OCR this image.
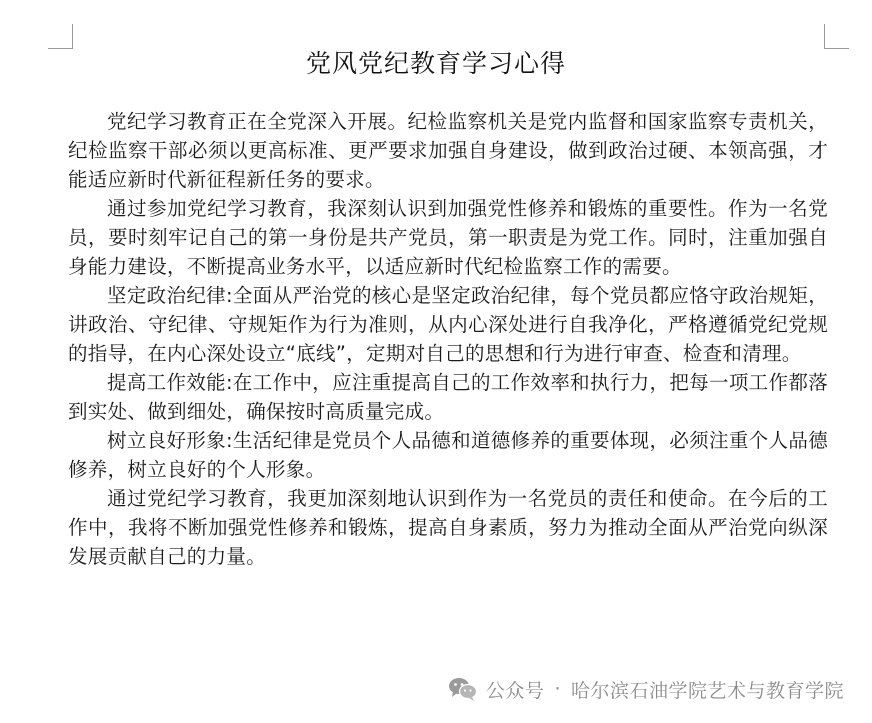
党风党纪教育学习心得

党纪学习教育正在全党深入开展。纪检监察机关是党内监督和国家监察专责机关，纪检监察干部必须以更高标准、更严要求加强自身建设，做到政治过硬、本领高强，才能适应新时代新征程新任务的要求。

通过参加党纪学习教育，我深刻认识到加强党性修养和锻炼的重要性。作为一名党员，要时刻牢记自己的第一身份是共产党员，第一职责是为党工作。同时，注重加强自身能力建设，不断提高业务水平，以适应新时代纪检监察工作的需要。

坚定政治纪律:全面从严治党的核心是坚定政治纪律，每个党员都应恪守政治规矩，讲政治、守纪律、守规矩作为行为准则，从内心深处进行自我净化，严格遵循党纪党规的指导，在内心深处设立“底线”，定期对自己的思想和行为进行审查、检查和清理。

提高工作效能:在工作中，应注重提高自己的工作效率和执行力，把每一项工作都落到实处、做到细处，确保按时高质量完成。

树立良好形象:生活纪律是党员个人品德和道德修养的重要体现，必须注重个人品德修养，树立良好的个人形象。

通过党纪学习教育，我更加深刻地认识到作为一名党员的责任和使命。在今后的工作中，我将不断加强党性修养和锻炼，提高自身素质，努力为推动全面从严治党向纵深发展贡献自己的力量。

公众号 · 哈尔滨石油学院艺术与教育学院
